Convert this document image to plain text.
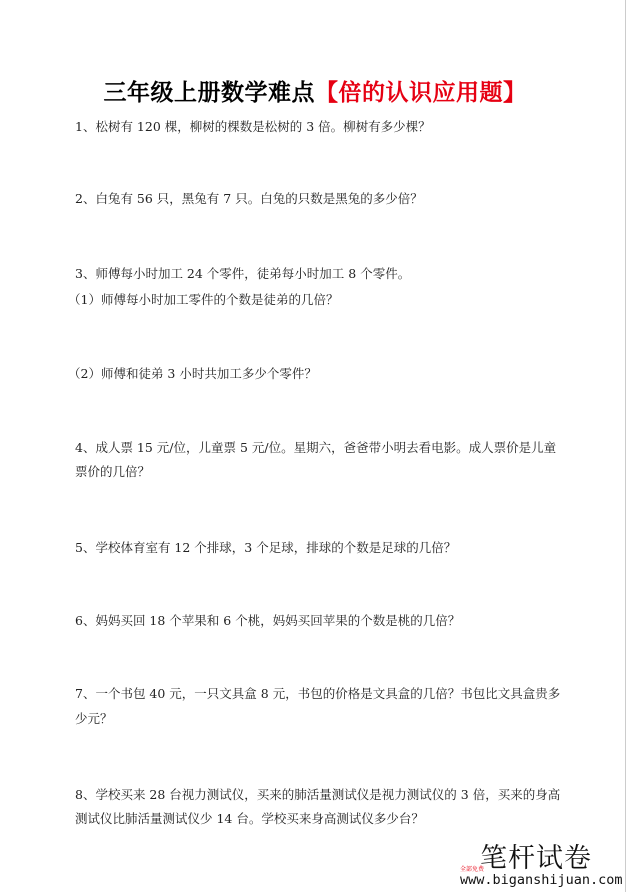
三年级上册数学难点【倍的认识应用题】
1、松树有 120 棵，柳树的棵数是松树的 3 倍。柳树有多少棵？
2、白兔有 56 只，黑兔有 7 只。白兔的只数是黑兔的多少倍？
3、师傅每小时加工 24 个零件，徒弟每小时加工 8 个零件。
（1）师傅每小时加工零件的个数是徒弟的几倍？
（2）师傅和徒弟 3 小时共加工多少个零件？
4、成人票 15 元/位，儿童票 5 元/位。星期六，爸爸带小明去看电影。成人票价是儿童
票价的几倍？
5、学校体育室有 12 个排球，3 个足球，排球的个数是足球的几倍？
6、妈妈买回 18 个苹果和 6 个桃，妈妈买回苹果的个数是桃的几倍？
7、一个书包 40 元，一只文具盒 8 元，书包的价格是文具盒的几倍？书包比文具盒贵多
少元？
8、学校买来 28 台视力测试仪，买来的肺活量测试仪是视力测试仪的 3 倍，买来的身高
测试仪比肺活量测试仪少 14 台。学校买来身高测试仪多少台？
笔杆试卷
全部免费
www.biganshijuan.com
